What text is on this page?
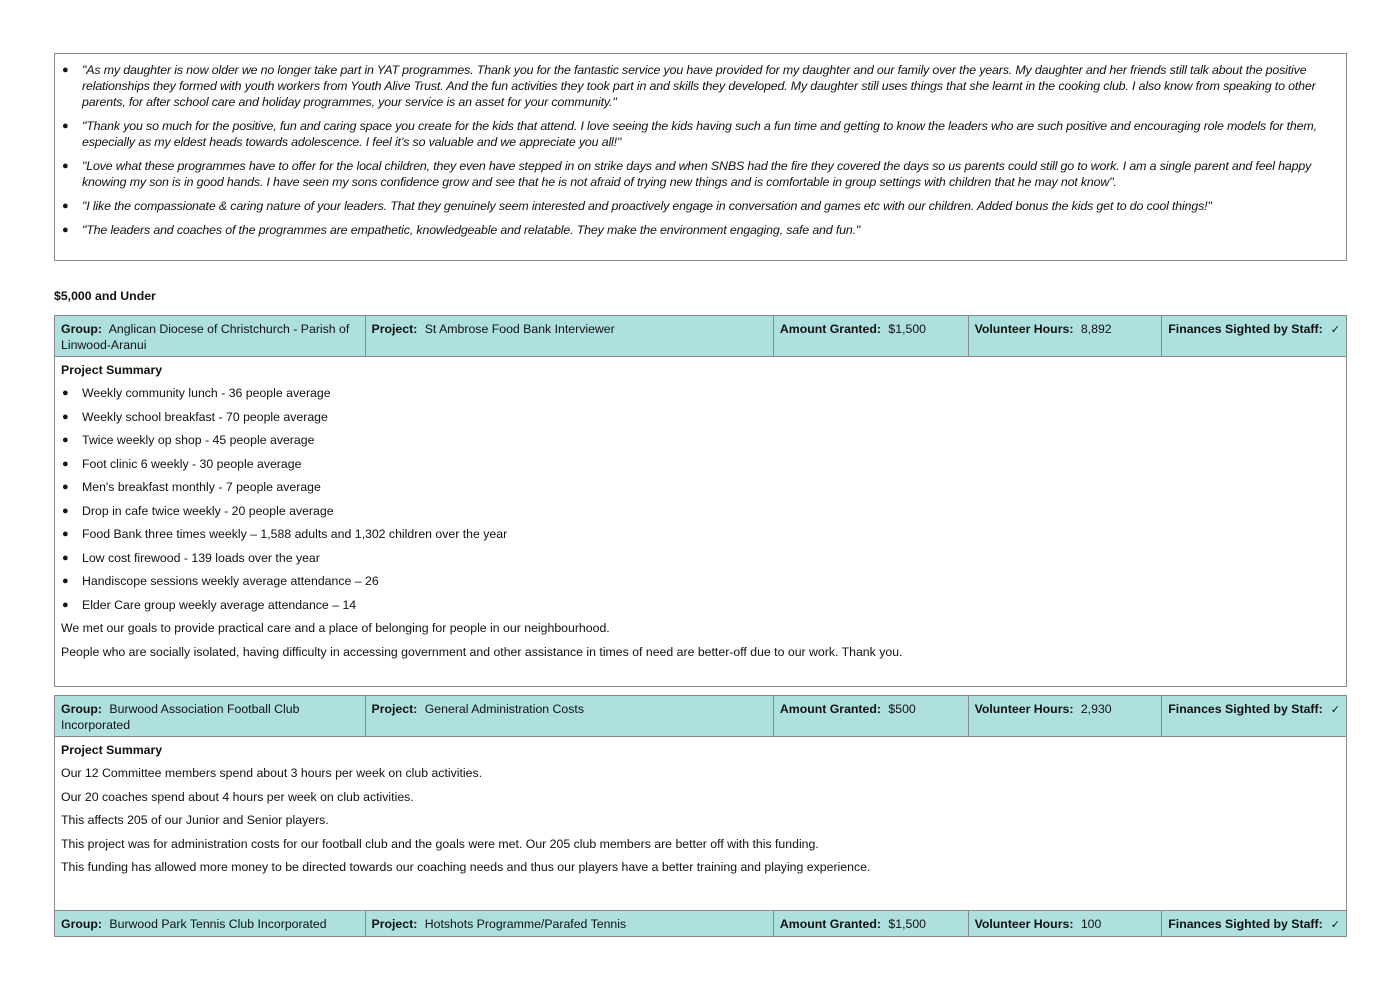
● "As my daughter is now older we no longer take part in YAT programmes. Thank you for the fantastic service you have provided for my daughter and our family over the years. My daughter and her friends still talk about the positive relationships they formed with youth workers from Youth Alive Trust. And the fun activities they took part in and skills they developed. My daughter still uses things that she learnt in the cooking club. I also know from speaking to other parents, for after school care and holiday programmes, your service is an asset for your community."
● "Thank you so much for the positive, fun and caring space you create for the kids that attend. I love seeing the kids having such a fun time and getting to know the leaders who are such positive and encouraging role models for them, especially as my eldest heads towards adolescence. I feel it’s so valuable and we appreciate you all!"
● "Love what these programmes have to offer for the local children, they even have stepped in on strike days and when SNBS had the fire they covered the days so us parents could still go to work. I am a single parent and feel happy knowing my son is in good hands. I have seen my sons confidence grow and see that he is not afraid of trying new things and is comfortable in group settings with children that he may not know".
● "I like the compassionate & caring nature of your leaders. That they genuinely seem interested and proactively engage in conversation and games etc with our children. Added bonus the kids get to do cool things!"
● "The leaders and coaches of the programmes are empathetic, knowledgeable and relatable. They make the environment engaging, safe and fun."
$5,000 and Under
Group: Anglican Diocese of Christchurch - Parish of Linwood-Aranui
Project: St Ambrose Food Bank Interviewer	Amount Granted: $1,500	Volunteer Hours: 8,892	Finances Sighted by Staff: ✓
Project Summary
● Weekly community lunch - 36 people average
● Weekly school breakfast - 70 people average
● Twice weekly op shop - 45 people average
● Foot clinic 6 weekly - 30 people average
● Men's breakfast monthly - 7 people average
● Drop in cafe twice weekly - 20 people average
● Food Bank three times weekly – 1,588 adults and 1,302 children over the year
● Low cost firewood - 139 loads over the year
● Handiscope sessions weekly average attendance – 26
● Elder Care group weekly average attendance – 14

We met our goals to provide practical care and a place of belonging for people in our neighbourhood.

People who are socially isolated, having difficulty in accessing government and other assistance in times of need are better-off due to our work. Thank you.

Group: Burwood Association Football Club Incorporated
Project: General Administration Costs	Amount Granted: $500	Volunteer Hours: 2,930	Finances Sighted by Staff: ✓
Project Summary

Our 12 Committee members spend about 3 hours per week on club activities.

Our 20 coaches spend about 4 hours per week on club activities.

This affects 205 of our Junior and Senior players.

This project was for administration costs for our football club and the goals were met. Our 205 club members are better off with this funding.

This funding has allowed more money to be directed towards our coaching needs and thus our players have a better training and playing experience.

Group: Burwood Park Tennis Club Incorporated	Project: Hotshots Programme/Parafed Tennis	Amount Granted: $1,500	Volunteer Hours: 100	Finances Sighted by Staff: ✓
